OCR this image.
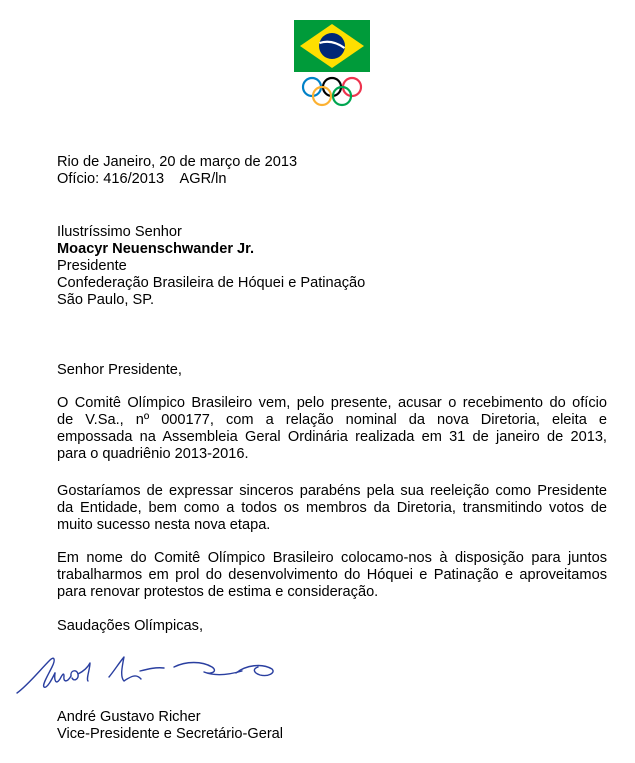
Rio de Janeiro, 20 de março de 2013
Ofício: 416/2013    AGR/ln
Ilustríssimo Senhor
Moacyr Neuenschwander Jr.
Presidente
Confederação Brasileira de Hóquei e Patinação
São Paulo, SP.
Senhor Presidente,
O Comitê Olímpico Brasileiro vem, pelo presente, acusar o recebimento do ofício
de V.Sa., nº 000177, com a relação nominal da nova Diretoria, eleita e
empossada na Assembleia Geral Ordinária realizada em 31 de janeiro de 2013,
para o quadriênio 2013-2016.
Gostaríamos de expressar sinceros parabéns pela sua reeleição como Presidente
da Entidade, bem como a todos os membros da Diretoria, transmitindo votos de
muito sucesso nesta nova etapa.
Em nome do Comitê Olímpico Brasileiro colocamo-nos à disposição para juntos
trabalharmos em prol do desenvolvimento do Hóquei e Patinação e aproveitamos
para renovar protestos de estima e consideração.
Saudações Olímpicas,
André Gustavo Richer
Vice-Presidente e Secretário-Geral
